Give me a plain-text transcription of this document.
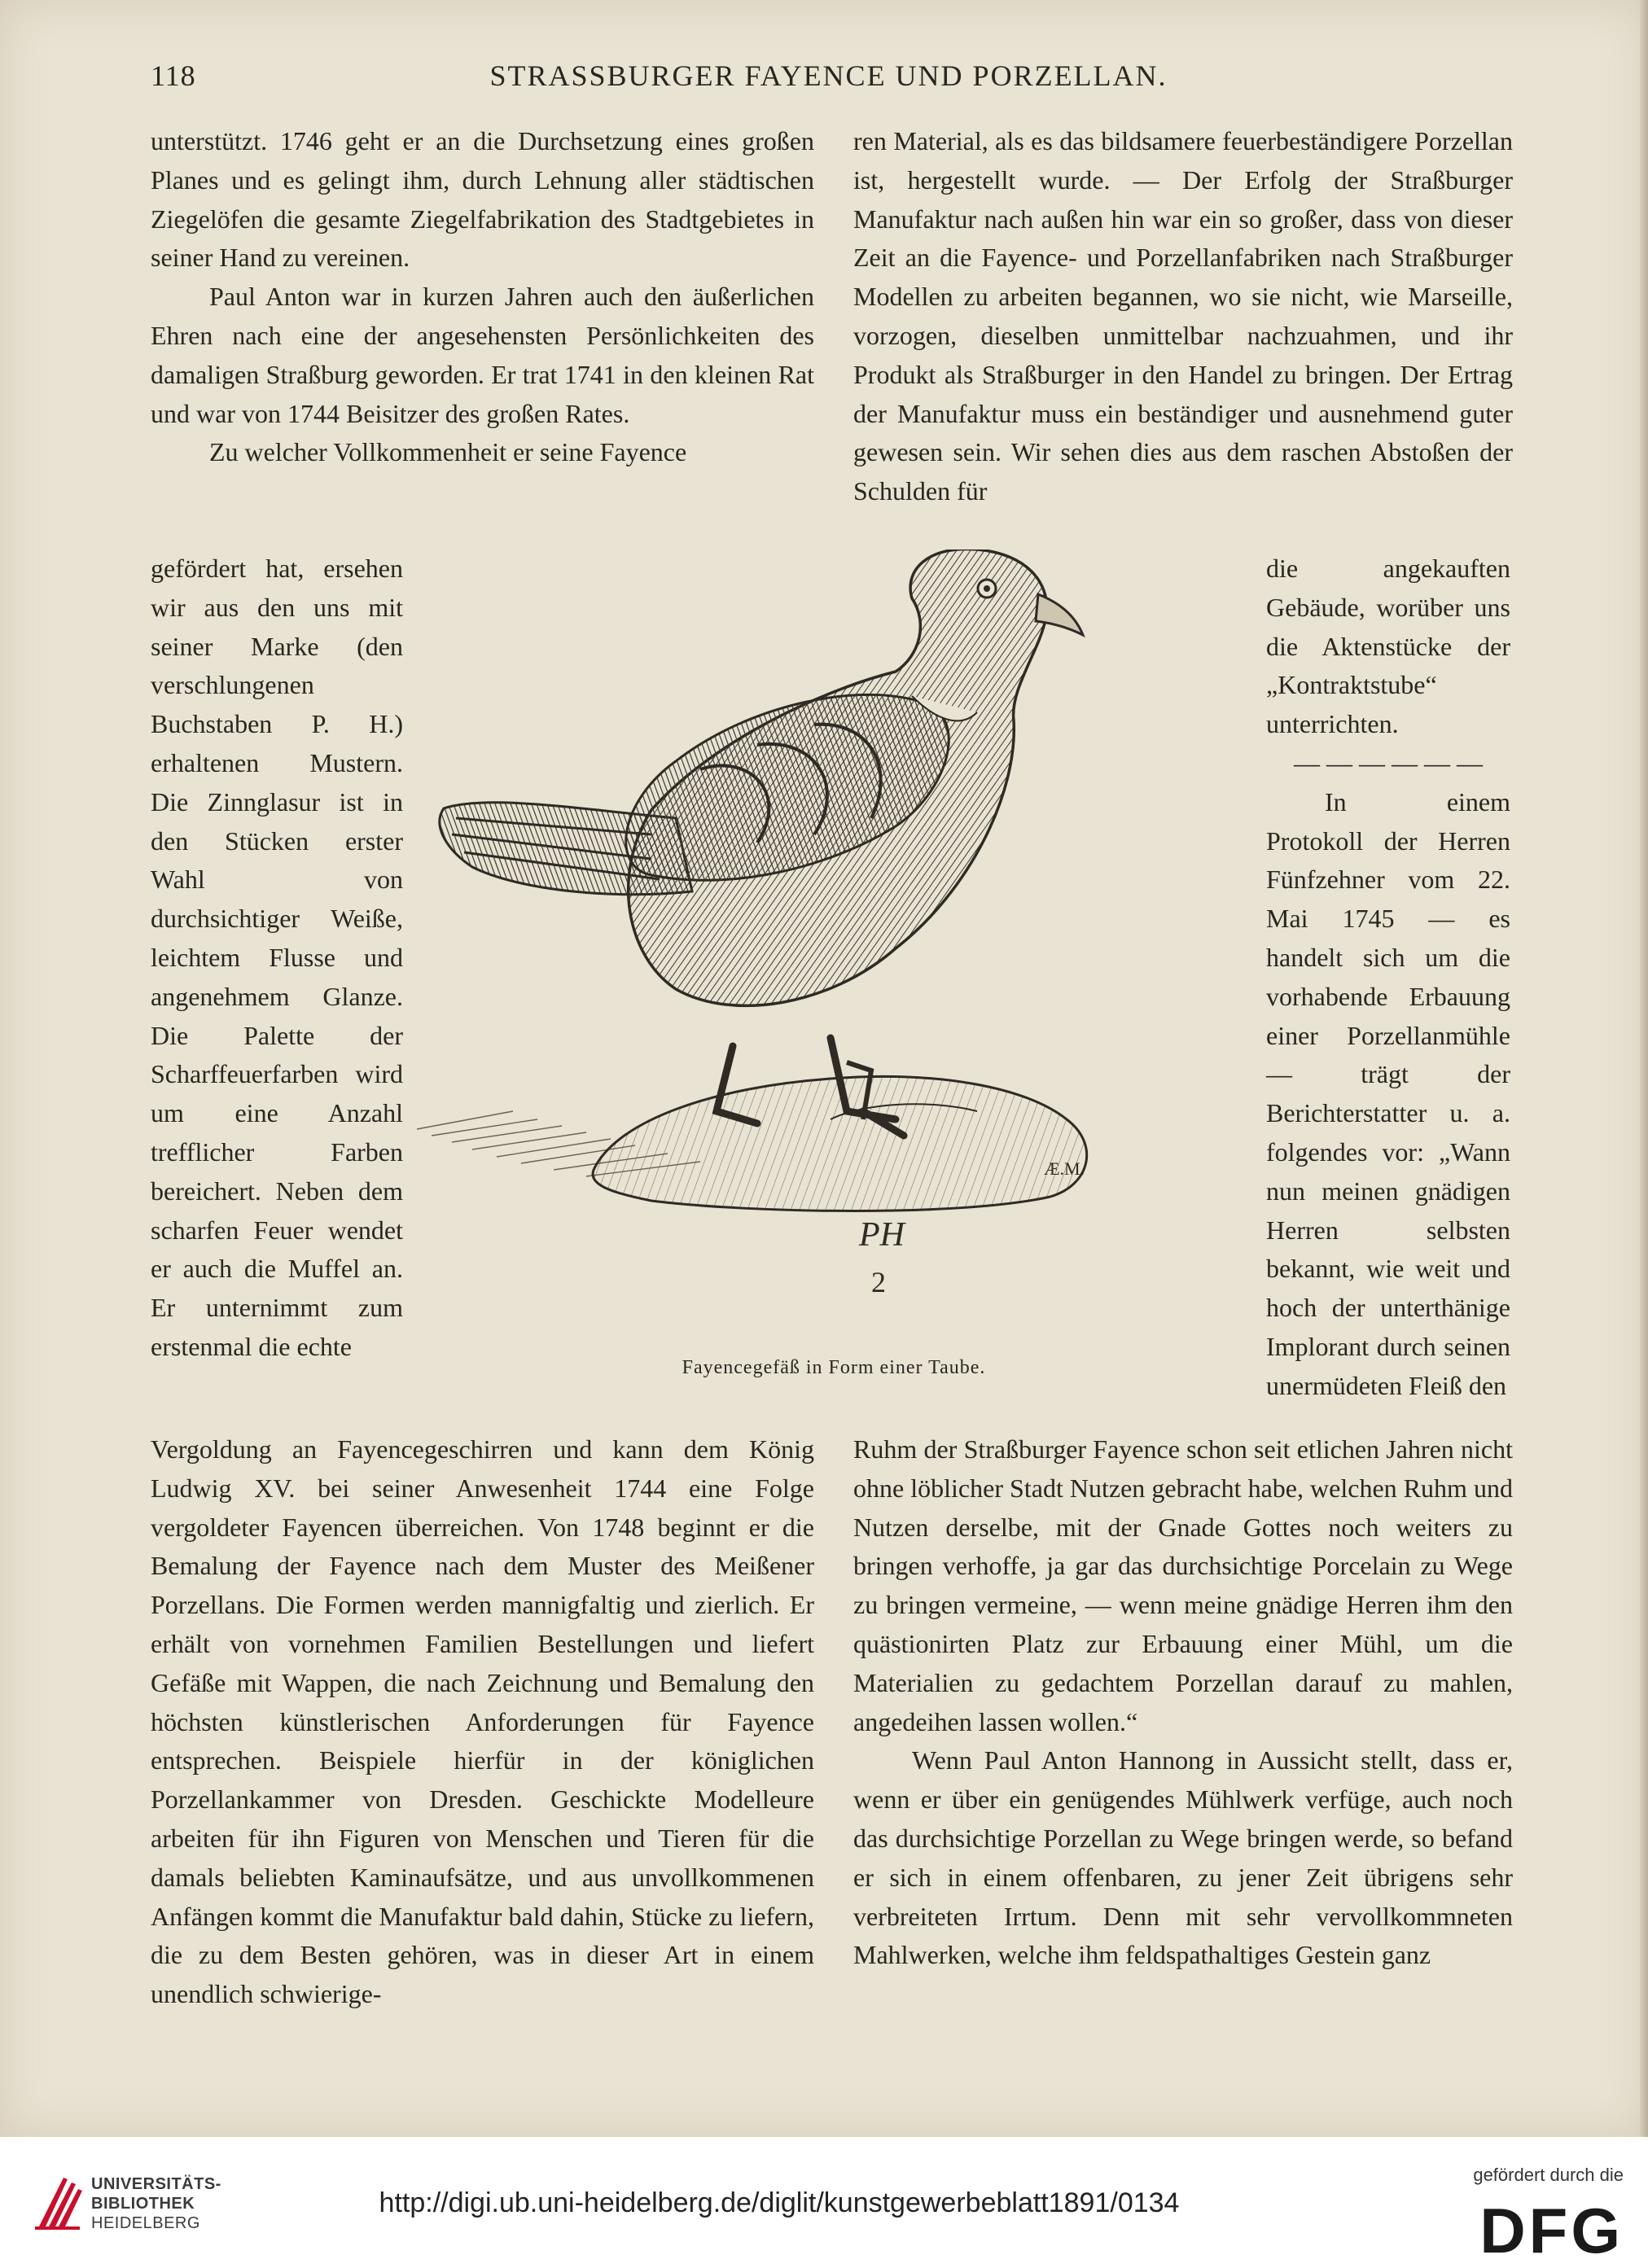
118	STRASSBURGER FAYENCE UND PORZELLAN.

unterstützt. 1746 geht er an die Durchsetzung eines großen Planes und es gelingt ihm, durch Lehnung aller städtischen Ziegelöfen die gesamte Ziegelfabrikation des Stadtgebietes in seiner Hand zu vereinen.

Paul Anton war in kurzen Jahren auch den äußerlichen Ehren nach eine der angesehensten Persönlichkeiten des damaligen Straßburg geworden. Er trat 1741 in den kleinen Rat und war von 1744 Beisitzer des großen Rates.

Zu welcher Vollkommenheit er seine Fayence

gefördert hat, ersehen wir aus den uns mit seiner Marke (den verschlungenen Buchstaben P. H.) erhaltenen Mustern. Die Zinnglasur ist in den Stücken erster Wahl von durchsichtiger Weiße, leichtem Flusse und angenehmem Glanze. Die Palette der Scharffeuerfarben wird um eine Anzahl trefflicher Farben bereichert. Neben dem scharfen Feuer wendet er auch die Muffel an. Er unternimmt zum erstenmal die echte

ren Material, als es das bildsamere feuerbeständigere Porzellan ist, hergestellt wurde. — Der Erfolg der Straßburger Manufaktur nach außen hin war ein so großer, dass von dieser Zeit an die Fayence- und Porzellanfabriken nach Straßburger Modellen zu arbeiten begannen, wo sie nicht, wie Marseille, vorzogen, dieselben unmittelbar nachzuahmen, und ihr Produkt als Straßburger in den Handel zu bringen. Der Ertrag der Manufaktur muss ein beständiger und ausnehmend guter gewesen sein. Wir sehen dies aus dem raschen Abstoßen der Schulden für

die angekauften Gebäude, worüber uns die Aktenstücke der „Kontraktstube“ unterrichten.

— — — — — —

In einem Protokoll der Herren Fünfzehner vom 22. Mai 1745 — es handelt sich um die vorhabende Erbauung einer Porzellanmühle — trägt der Berichterstatter u. a. folgendes vor: „Wann nun meinen gnädigen Herren selbsten bekannt, wie weit und hoch der unterthänige Implorant durch seinen unermüdeten Fleiß den

Æ.M.
PH
2
Fayencegefäß in Form einer Taube.

Vergoldung an Fayencegeschirren und kann dem König Ludwig XV. bei seiner Anwesenheit 1744 eine Folge vergoldeter Fayencen überreichen. Von 1748 beginnt er die Bemalung der Fayence nach dem Muster des Meißener Porzellans. Die Formen werden mannigfaltig und zierlich. Er erhält von vornehmen Familien Bestellungen und liefert Gefäße mit Wappen, die nach Zeichnung und Bemalung den höchsten künstlerischen Anforderungen für Fayence entsprechen. Beispiele hierfür in der königlichen Porzellankammer von Dresden. Geschickte Modelleure arbeiten für ihn Figuren von Menschen und Tieren für die damals beliebten Kaminaufsätze, und aus unvollkommenen Anfängen kommt die Manufaktur bald dahin, Stücke zu liefern, die zu dem Besten gehören, was in dieser Art in einem unendlich schwierige-

Ruhm der Straßburger Fayence schon seit etlichen Jahren nicht ohne löblicher Stadt Nutzen gebracht habe, welchen Ruhm und Nutzen derselbe, mit der Gnade Gottes noch weiters zu bringen verhoffe, ja gar das durchsichtige Porcelain zu Wege zu bringen vermeine, — wenn meine gnädige Herren ihm den quästionirten Platz zur Erbauung einer Mühl, um die Materialien zu gedachtem Porzellan darauf zu mahlen, angedeihen lassen wollen.“

Wenn Paul Anton Hannong in Aussicht stellt, dass er, wenn er über ein genügendes Mühlwerk verfüge, auch noch das durchsichtige Porzellan zu Wege bringen werde, so befand er sich in einem offenbaren, zu jener Zeit übrigens sehr verbreiteten Irrtum. Denn mit sehr vervollkommneten Mahlwerken, welche ihm feldspathaltiges Gestein ganz

UNIVERSITÄTS-
BIBLIOTHEK
HEIDELBERG
http://digi.ub.uni-heidelberg.de/diglit/kunstgewerbeblatt1891/0134
gefördert durch die
DFG
